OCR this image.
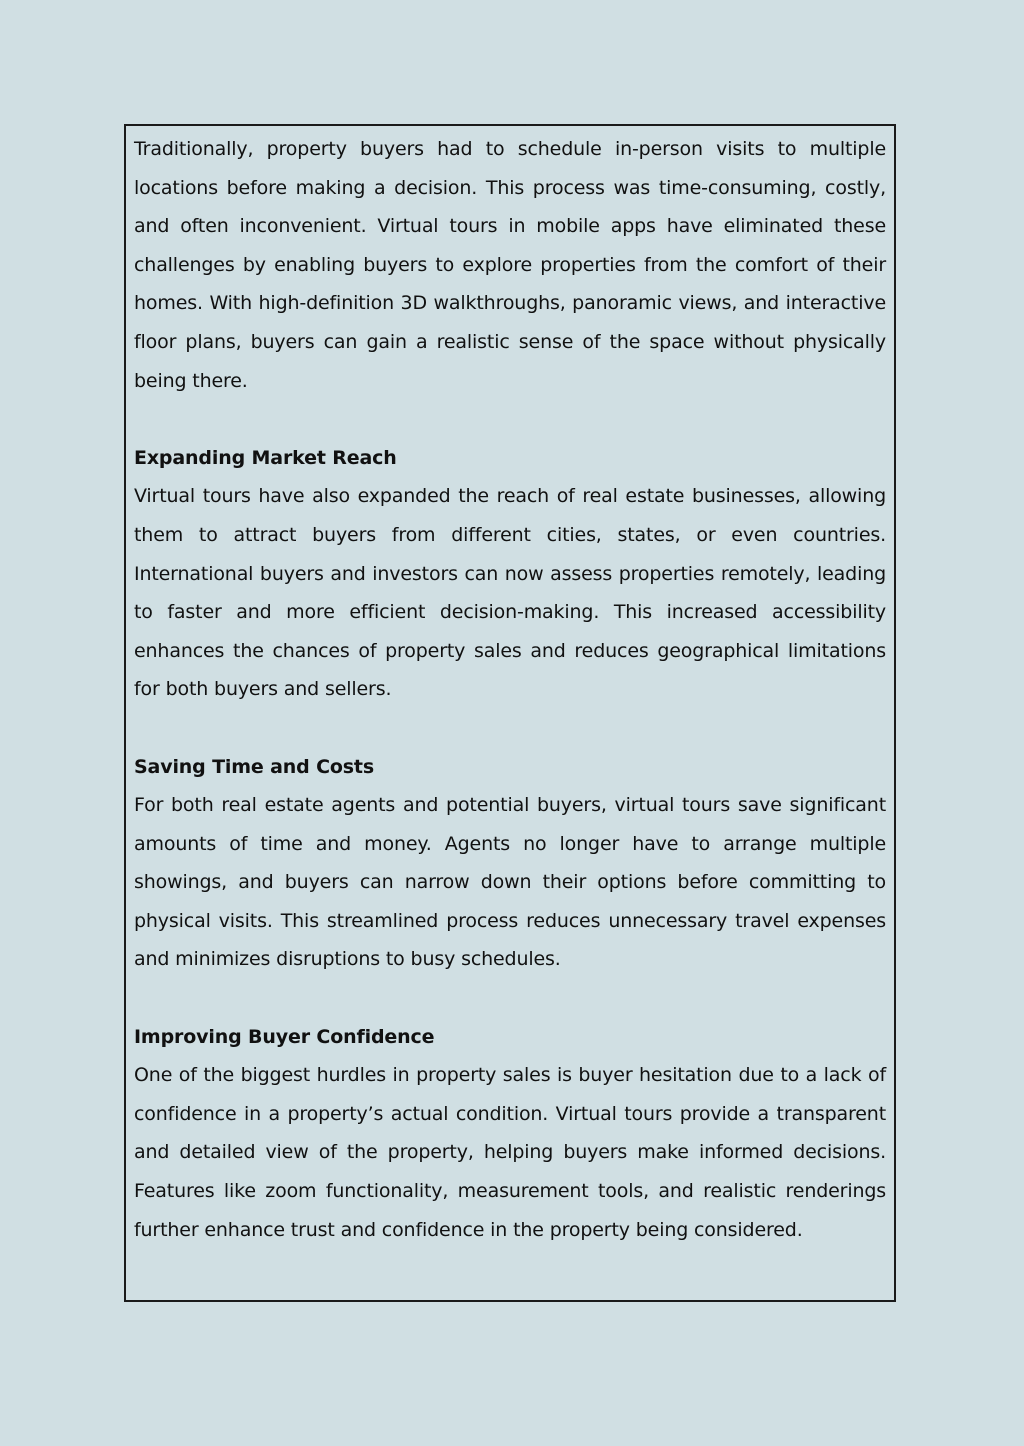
Traditionally, property buyers had to schedule in-person visits to multiple locations before making a decision. This process was time-consuming, costly, and often inconvenient. Virtual tours in mobile apps have eliminated these challenges by enabling buyers to explore properties from the comfort of their homes. With high-definition 3D walkthroughs, panoramic views, and interactive floor plans, buyers can gain a realistic sense of the space without physically being there.

Expanding Market Reach

Virtual tours have also expanded the reach of real estate businesses, allowing them to attract buyers from different cities, states, or even countries. International buyers and investors can now assess properties remotely, leading to faster and more efficient decision-making. This increased accessibility enhances the chances of property sales and reduces geographical limitations for both buyers and sellers.

Saving Time and Costs

For both real estate agents and potential buyers, virtual tours save significant amounts of time and money. Agents no longer have to arrange multiple showings, and buyers can narrow down their options before committing to physical visits. This streamlined process reduces unnecessary travel expenses and minimizes disruptions to busy schedules.

Improving Buyer Confidence

One of the biggest hurdles in property sales is buyer hesitation due to a lack of confidence in a property’s actual condition. Virtual tours provide a transparent and detailed view of the property, helping buyers make informed decisions. Features like zoom functionality, measurement tools, and realistic renderings further enhance trust and confidence in the property being considered.
